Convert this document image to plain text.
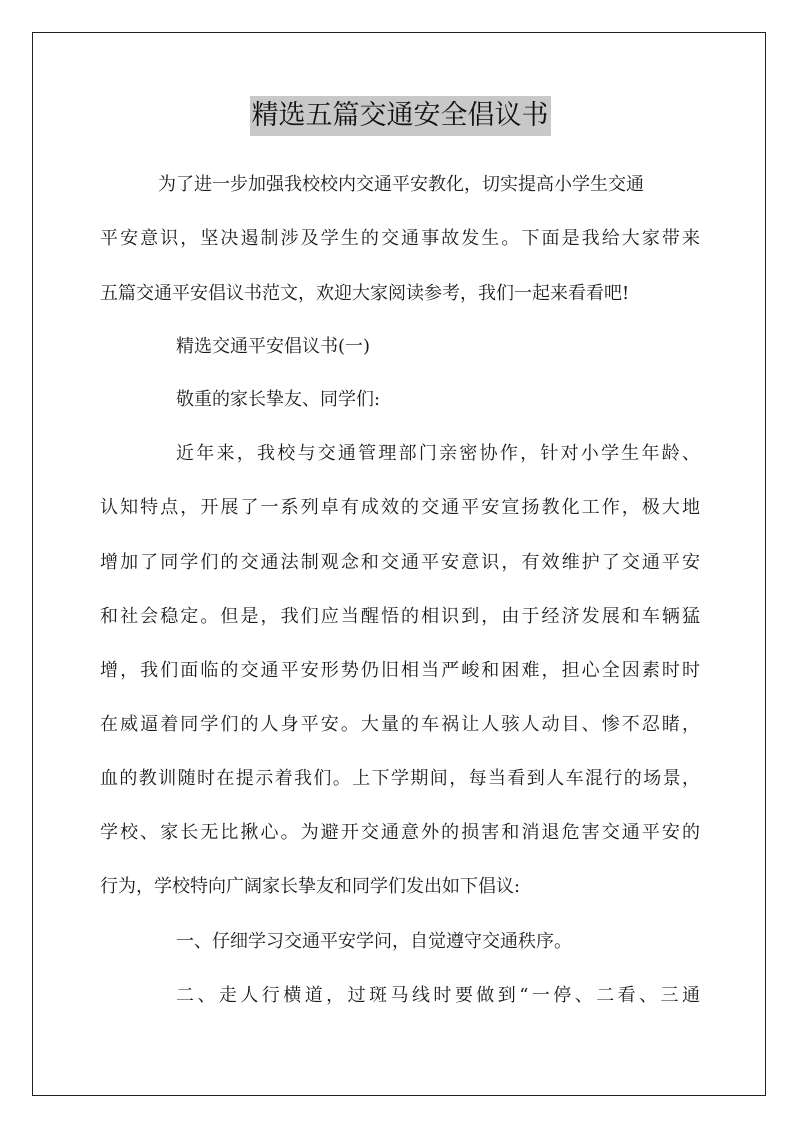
精选五篇交通安全倡议书
为了进一步加强我校校内交通平安教化，切实提高小学生交通
平安意识，坚决遏制涉及学生的交通事故发生。下面是我给大家带来
五篇交通平安倡议书范文，欢迎大家阅读参考，我们一起来看看吧!
精选交通平安倡议书(一)
敬重的家长挚友、同学们:
近年来，我校与交通管理部门亲密协作，针对小学生年龄、
认知特点，开展了一系列卓有成效的交通平安宣扬教化工作，极大地
增加了同学们的交通法制观念和交通平安意识，有效维护了交通平安
和社会稳定。但是，我们应当醒悟的相识到，由于经济发展和车辆猛
增，我们面临的交通平安形势仍旧相当严峻和困难，担心全因素时时
在威逼着同学们的人身平安。大量的车祸让人骇人动目、惨不忍睹，
血的教训随时在提示着我们。上下学期间，每当看到人车混行的场景，
学校、家长无比揪心。为避开交通意外的损害和消退危害交通平安的
行为，学校特向广阔家长挚友和同学们发出如下倡议:
一、仔细学习交通平安学问，自觉遵守交通秩序。
二、走人行横道，过斑马线时要做到“一停、二看、三通
